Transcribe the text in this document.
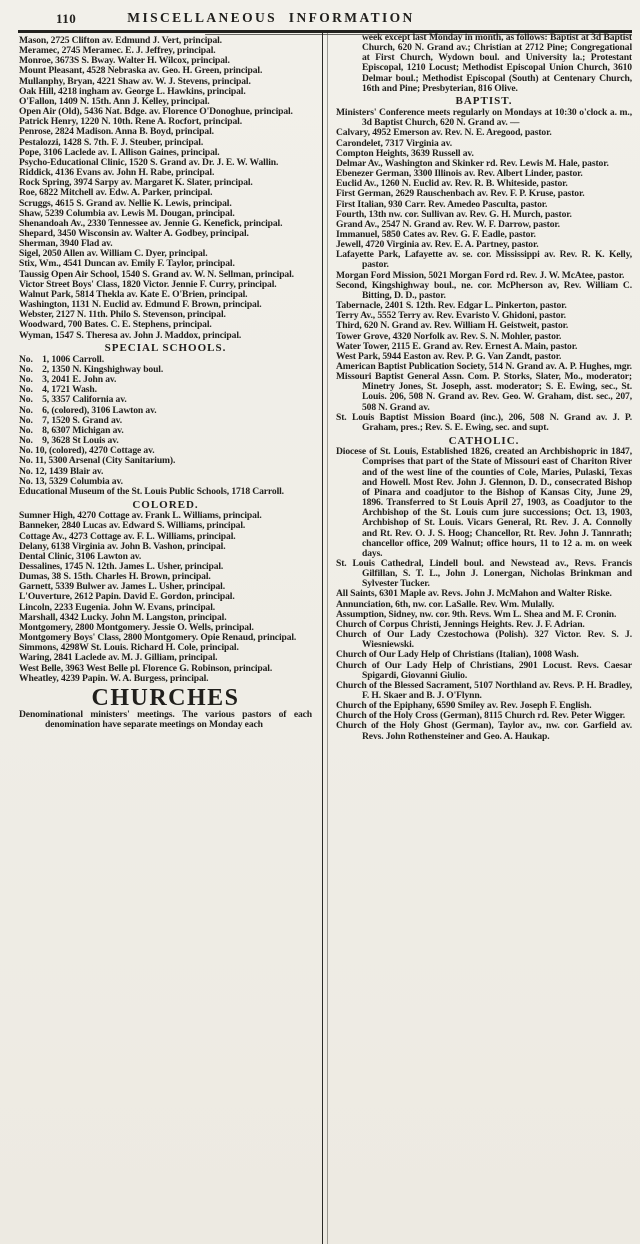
110	MISCELLANEOUS INFORMATION
Mason, 2725 Clifton av. Edmund J. Vert, principal.
Meramec, 2745 Meramec. E. J. Jeffrey, principal.
Monroe, 3673S S. Bway. Walter H. Wilcox, principal.
Mount Pleasant, 4528 Nebraska av. Geo. H. Green, principal.
Mullanphy, Bryan, 4221 Shaw av. W. J. Stevens, principal.
Oak Hill, 4218 ingham av. George L. Hawkins, principal.
O'Fallon, 1409 N. 15th. Ann J. Kelley, principal.
Open Air (Old), 5436 Nat. Bdge. av. Florence O'Donoghue, principal.
Patrick Henry, 1220 N. 10th. Rene A. Rocfort, principal.
Penrose, 2824 Madison. Anna B. Boyd, principal.
Pestalozzi, 1428 S. 7th. F. J. Steuber, principal.
Pope, 3106 Laclede av. I. Allison Gaines, principal.
Psycho-Educational Clinic, 1520 S. Grand av. Dr. J. E. W. Wallin.
Riddick, 4136 Evans av. John H. Rabe, principal.
Rock Spring, 3974 Sarpy av. Margaret K. Slater, principal.
Roe, 6822 Mitchell av. Edw. A. Parker, principal.
Scruggs, 4615 S. Grand av. Nellie K. Lewis, principal.
Shaw, 5239 Columbia av. Lewis M. Dougan, principal.
Shenandoah Av., 2330 Tennessee av. Jennie G. Kenefick, principal.
Shepard, 3450 Wisconsin av. Walter A. Godbey, principal.
Sherman, 3940 Flad av.
Sigel, 2050 Allen av. William C. Dyer, principal.
Stix, Wm., 4541 Duncan av. Emily F. Taylor, principal.
Taussig Open Air School, 1540 S. Grand av. W. N. Sellman, principal.
Victor Street Boys' Class, 1820 Victor. Jennie F. Curry, principal.
Walnut Park, 5814 Thekla av. Kate E. O'Brien, principal.
Washington, 1131 N. Euclid av. Edmund F. Brown, principal.
Webster, 2127 N. 11th. Philo S. Stevenson, principal.
Woodward, 700 Bates. C. E. Stephens, principal.
Wyman, 1547 S. Theresa av. John J. Maddox, principal.
SPECIAL SCHOOLS.
No.  1, 1006 Carroll.
No.  2, 1350 N. Kingshighway boul.
No.  3, 2041 E. John av.
No.  4, 1721 Wash.
No.  5, 3357 California av.
No.  6, (colored), 3106 Lawton av.
No.  7, 1520 S. Grand av.
No.  8, 6307 Michigan av.
No.  9, 3628 St Louis av.
No. 10, (colored), 4270 Cottage av.
No. 11, 5300 Arsenal (City Sanitarium).
No. 12, 1439 Blair av.
No. 13, 5329 Columbia av.
Educational Museum of the St. Louis Public Schools, 1718 Carroll.
COLORED.
Sumner High, 4270 Cottage av. Frank L. Williams, principal.
Banneker, 2840 Lucas av. Edward S. Williams, principal.
Cottage Av., 4273 Cottage av. F. L. Williams, principal.
Delany, 6138 Virginia av. John B. Vashon, principal.
Dental Clinic, 3106 Lawton av.
Dessalines, 1745 N. 12th. James L. Usher, principal.
Dumas, 38 S. 15th. Charles H. Brown, principal.
Garnett, 5339 Bulwer av. James L. Usher, principal.
L'Ouverture, 2612 Papin. David E. Gordon, principal.
Lincoln, 2233 Eugenia. John W. Evans, principal.
Marshall, 4342 Lucky. John M. Langston, principal.
Montgomery, 2800 Montgomery. Jessie O. Wells, principal.
Montgomery Boys' Class, 2800 Montgomery. Opie Renaud, principal.
Simmons, 4298W St. Louis. Richard H. Cole, principal.
Waring, 2841 Laclede av. M. J. Gilliam, principal.
West Belle, 3963 West Belle pl. Florence G. Robinson, principal.
Wheatley, 4239 Papin. W. A. Burgess, principal.
CHURCHES
Denominational ministers' meetings. The various pastors of each denomination have separate meetings on Monday each
week except last Monday in month, as follows: Baptist at 3d Baptist Church, 620 N. Grand av.; Christian at 2712 Pine; Congregational at First Church, Wydown boul. and University la.; Protestant Episcopal, 1210 Locust; Methodist Episcopal Union Church, 3610 Delmar boul.; Methodist Episcopal (South) at Centenary Church, 16th and Pine; Presbyterian, 816 Olive.
BAPTIST.
Ministers' Conference meets regularly on Mondays at 10:30 o'clock a. m., 3d Baptist Church, 620 N. Grand av. ––
Calvary, 4952 Emerson av. Rev. N. E. Aregood, pastor.
Carondelet, 7317 Virginia av.
Compton Heights, 3639 Russell av.
Delmar Av., Washington and Skinker rd. Rev. Lewis M. Hale, pastor.
Ebenezer German, 3300 Illinois av. Rev. Albert Linder, pastor.
Euclid Av., 1260 N. Euclid av. Rev. R. B. Whiteside, pastor.
First German, 2629 Rauschenbach av. Rev. F. P. Kruse, pastor.
First Italian, 930 Carr. Rev. Amedeo Pasculta, pastor.
Fourth, 13th nw. cor. Sullivan av. Rev. G. H. Murch, pastor.
Grand Av., 2547 N. Grand av. Rev. W. F. Darrow, pastor.
Immanuel, 5850 Cates av. Rev. G. F. Eadle, pastor.
Jewell, 4720 Virginia av. Rev. E. A. Partney, pastor.
Lafayette Park, Lafayette av. se. cor. Mississippi av. Rev. R. K. Kelly, pastor.
Morgan Ford Mission, 5021 Morgan Ford rd. Rev. J. W. McAtee, pastor.
Second, Kingshighway boul., ne. cor. McPherson av, Rev. William C. Bitting, D. D., pastor.
Tabernacle, 2401 S. 12th. Rev. Edgar L. Pinkerton, pastor.
Terry Av., 5552 Terry av. Rev. Evaristo V. Ghidoni, pastor.
Third, 620 N. Grand av. Rev. William H. Geistweit, pastor.
Tower Grove, 4320 Norfolk av. Rev. S. N. Mohler, pastor.
Water Tower, 2115 E. Grand av. Rev. Ernest A. Main, pastor.
West Park, 5944 Easton av. Rev. P. G. Van Zandt, pastor.
American Baptist Publication Society, 514 N. Grand av. A. P. Hughes, mgr.
Missouri Baptist General Assn. Com. P. Storks, Slater, Mo., moderator; Minetry Jones, St. Joseph, asst. moderator; S. E. Ewing, sec., St. Louis. 206, 508 N. Grand av. Rev. Geo. W. Graham, dist. sec., 207, 508 N. Grand av.
St. Louis Baptist Mission Board (inc.), 206, 508 N. Grand av. J. P. Graham, pres.; Rev. S. E. Ewing, sec. and supt.
CATHOLIC.
Diocese of St. Louis, Established 1826, created an Archbishopric in 1847, Comprises that part of the State of Missouri east of Chariton River and of the west line of the counties of Cole, Maries, Pulaski, Texas and Howell. Most Rev. John J. Glennon, D. D., consecrated Bishop of Pinara and coadjutor to the Bishop of Kansas City, June 29, 1896. Transferred to St Louis April 27, 1903, as Coadjutor to the Archbishop of the St. Louis cum jure successions; Oct. 13, 1903, Archbishop of St. Louis. Vicars General, Rt. Rev. J. A. Connolly and Rt. Rev. O. J. S. Hoog; Chancellor, Rt. Rev. John J. Tannrath; chancellor office, 209 Walnut; office hours, 11 to 12 a. m. on week days.
St. Louis Cathedral, Lindell boul. and Newstead av., Revs. Francis Gilfillan, S. T. L., John J. Lonergan, Nicholas Brinkman and Sylvester Tucker.
All Saints, 6301 Maple av. Revs. John J. McMahon and Walter Riske.
Annunciation, 6th, nw. cor. LaSalle. Rev. Wm. Mulally.
Assumption, Sidney, nw. cor. 9th. Revs. Wm L. Shea and M. F. Cronin.
Church of Corpus Christi, Jennings Heights. Rev. J. F. Adrian.
Church of Our Lady Czestochowa (Polish). 327 Victor. Rev. S. J. Wiesniewski.
Church of Our Lady Help of Christians (Italian), 1008 Wash.
Church of Our Lady Help of Christians, 2901 Locust. Revs. Caesar Spigardi, Giovanni Giulio.
Church of the Blessed Sacrament, 5107 Northland av. Revs. P. H. Bradley, F. H. Skaer and B. J. O'Flynn.
Church of the Epiphany, 6590 Smiley av. Rev. Joseph F. English.
Church of the Holy Cross (German), 8115 Church rd. Rev. Peter Wigger.
Church of the Holy Ghost (German), Taylor av., nw. cor. Garfield av. Revs. John Rothensteiner and Geo. A. Haukap.
